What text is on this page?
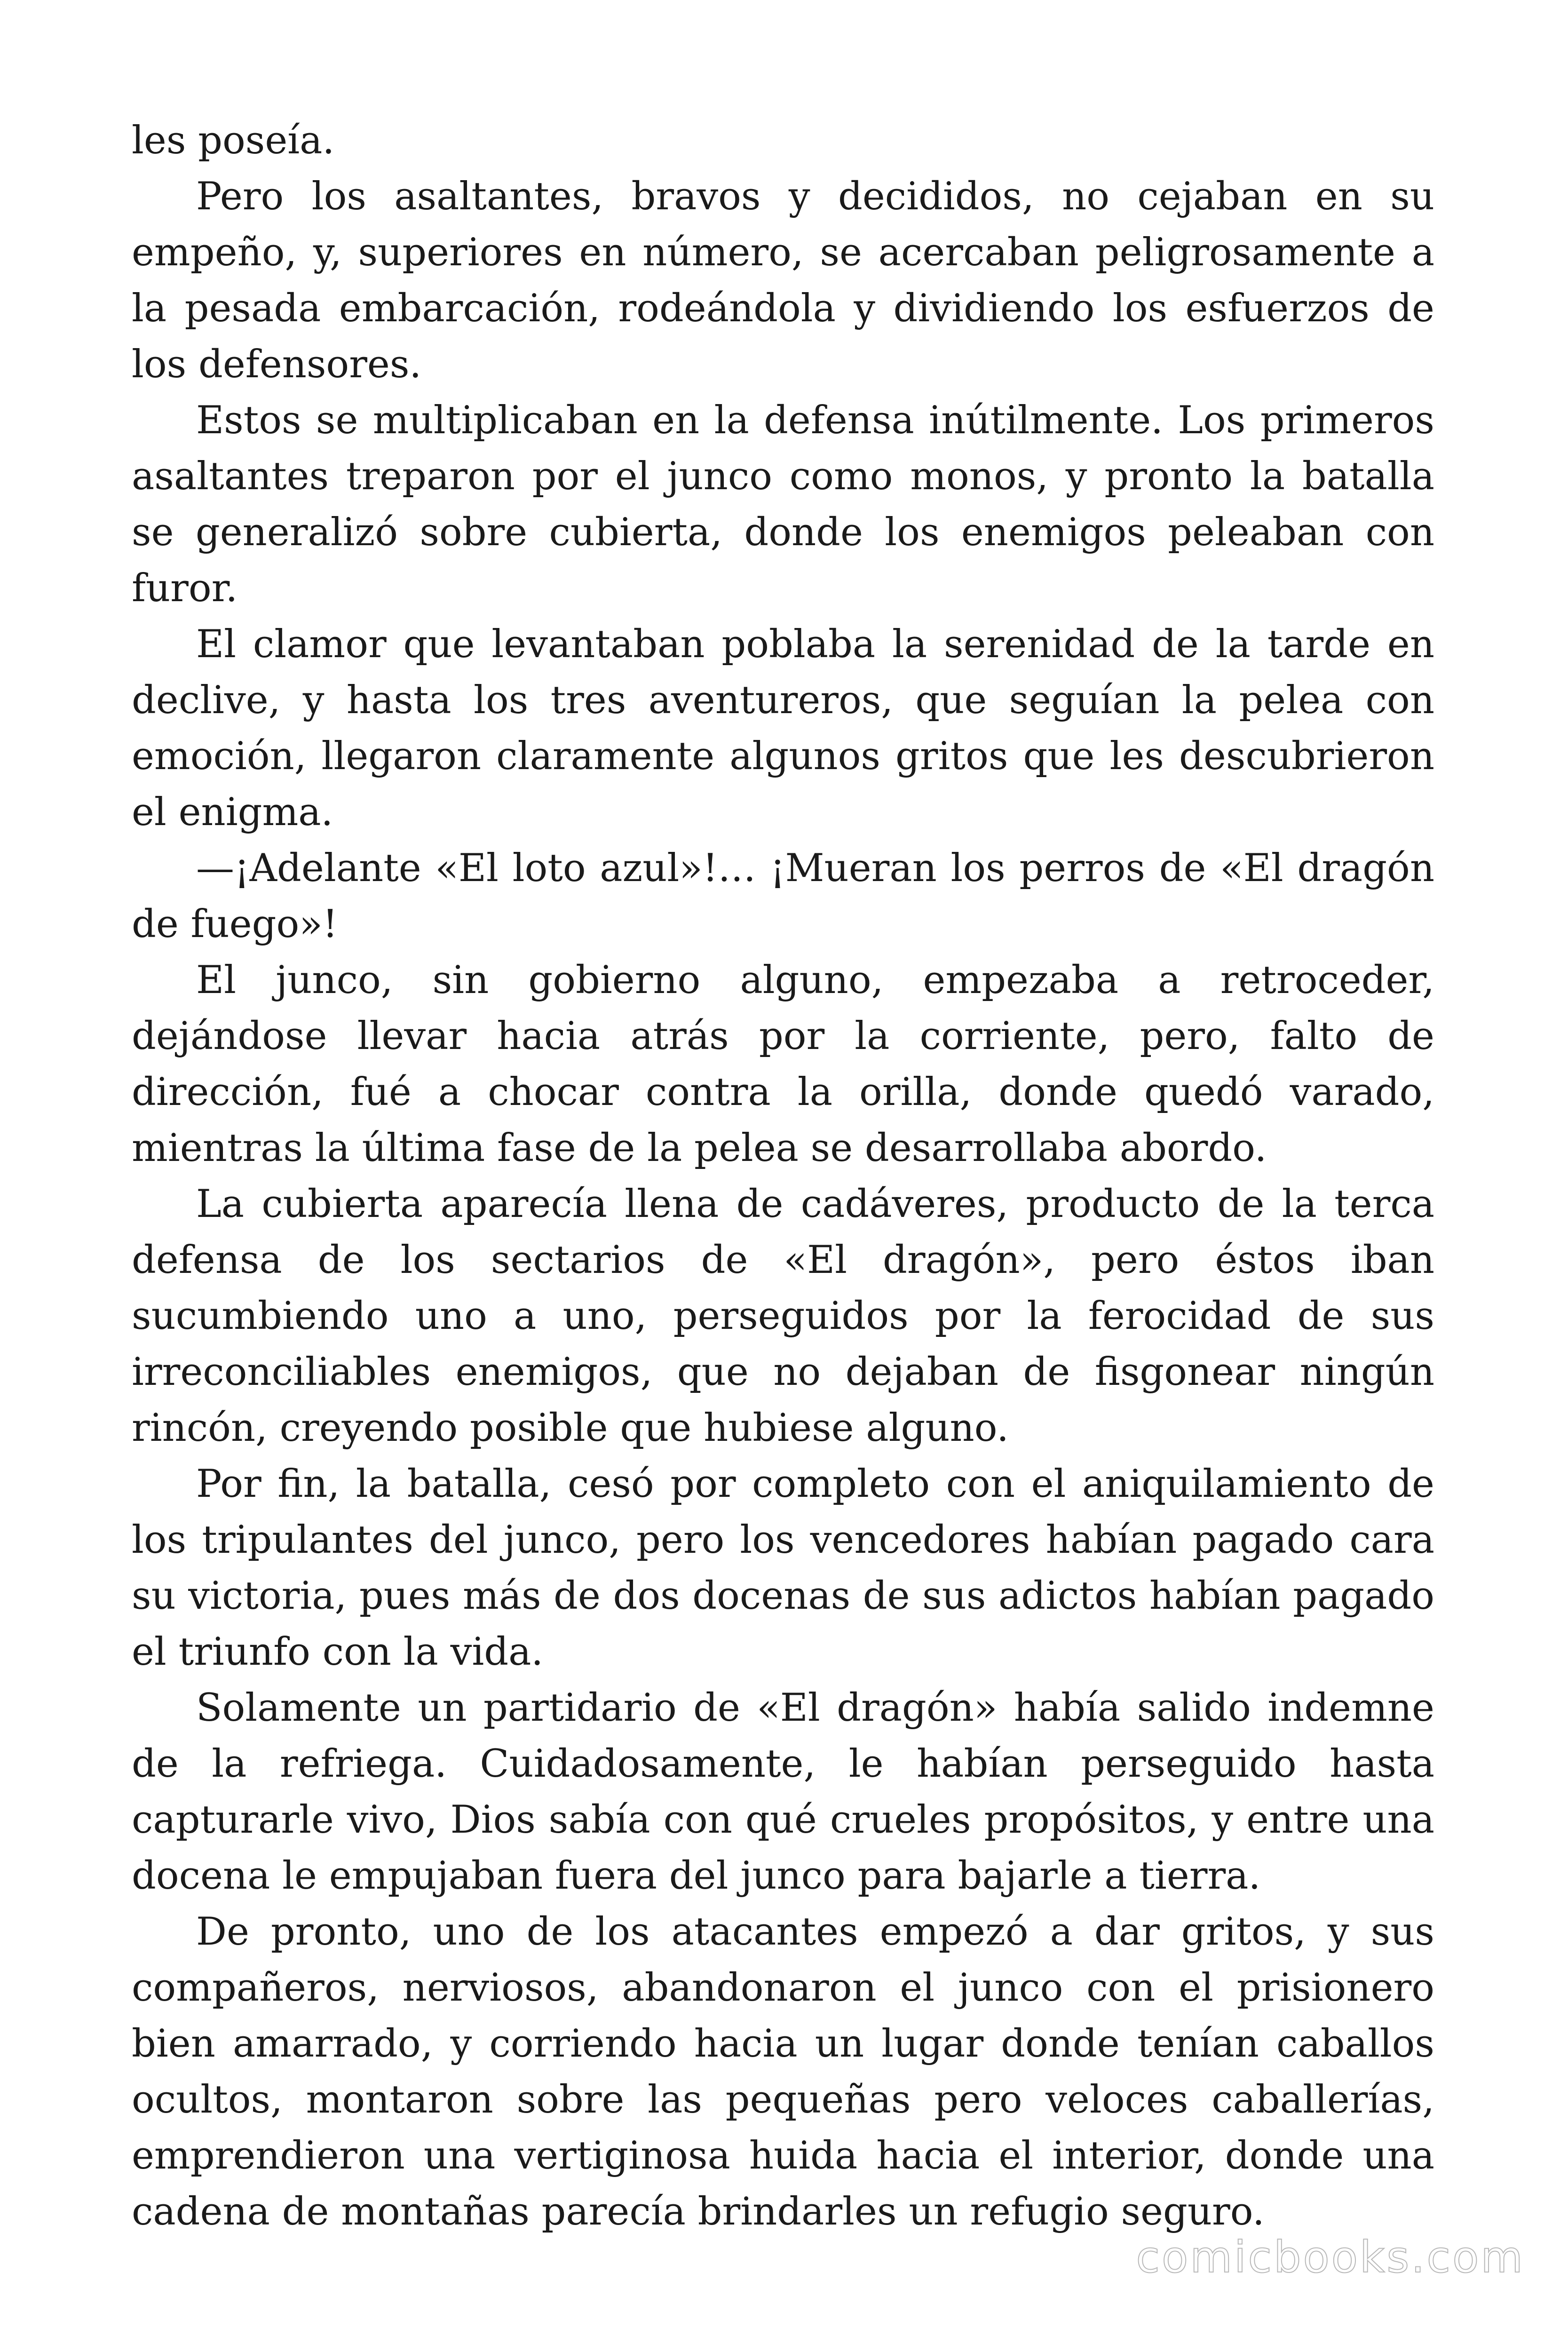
les poseía.

Pero los asaltantes, bravos y decididos, no cejaban en su empeño, y, superiores en número, se acercaban peligrosamente a la pesada embarcación, rodeándola y dividiendo los esfuerzos de los defensores.

Estos se multiplicaban en la defensa inútilmente. Los primeros asaltantes treparon por el junco como monos, y pronto la batalla se generalizó sobre cubierta, donde los enemigos peleaban con furor.

El clamor que levantaban poblaba la serenidad de la tarde en declive, y hasta los tres aventureros, que seguían la pelea con emoción, llegaron claramente algunos gritos que les descubrieron el enigma.

—¡Adelante «El loto azul»!… ¡Mueran los perros de «El dragón de fuego»!

El junco, sin gobierno alguno, empezaba a retroceder, dejándose llevar hacia atrás por la corriente, pero, falto de dirección, fué a chocar contra la orilla, donde quedó varado, mientras la última fase de la pelea se desarrollaba abordo.

La cubierta aparecía llena de cadáveres, producto de la terca defensa de los sectarios de «El dragón», pero éstos iban sucumbiendo uno a uno, perseguidos por la ferocidad de sus irreconciliables enemigos, que no dejaban de fisgonear ningún rincón, creyendo posible que hubiese alguno.

Por fin, la batalla, cesó por completo con el aniquilamiento de los tripulantes del junco, pero los vencedores habían pagado cara su victoria, pues más de dos docenas de sus adictos habían pagado el triunfo con la vida.

Solamente un partidario de «El dragón» había salido indemne de la refriega. Cuidadosamente, le habían perseguido hasta capturarle vivo, Dios sabía con qué crueles propósitos, y entre una docena le empujaban fuera del junco para bajarle a tierra.

De pronto, uno de los atacantes empezó a dar gritos, y sus compañeros, nerviosos, abandonaron el junco con el prisionero bien amarrado, y corriendo hacia un lugar donde tenían caballos ocultos, montaron sobre las pequeñas pero veloces caballerías, emprendieron una vertiginosa huida hacia el interior, donde una cadena de montañas parecía brindarles un refugio seguro.

comicbooks.com
